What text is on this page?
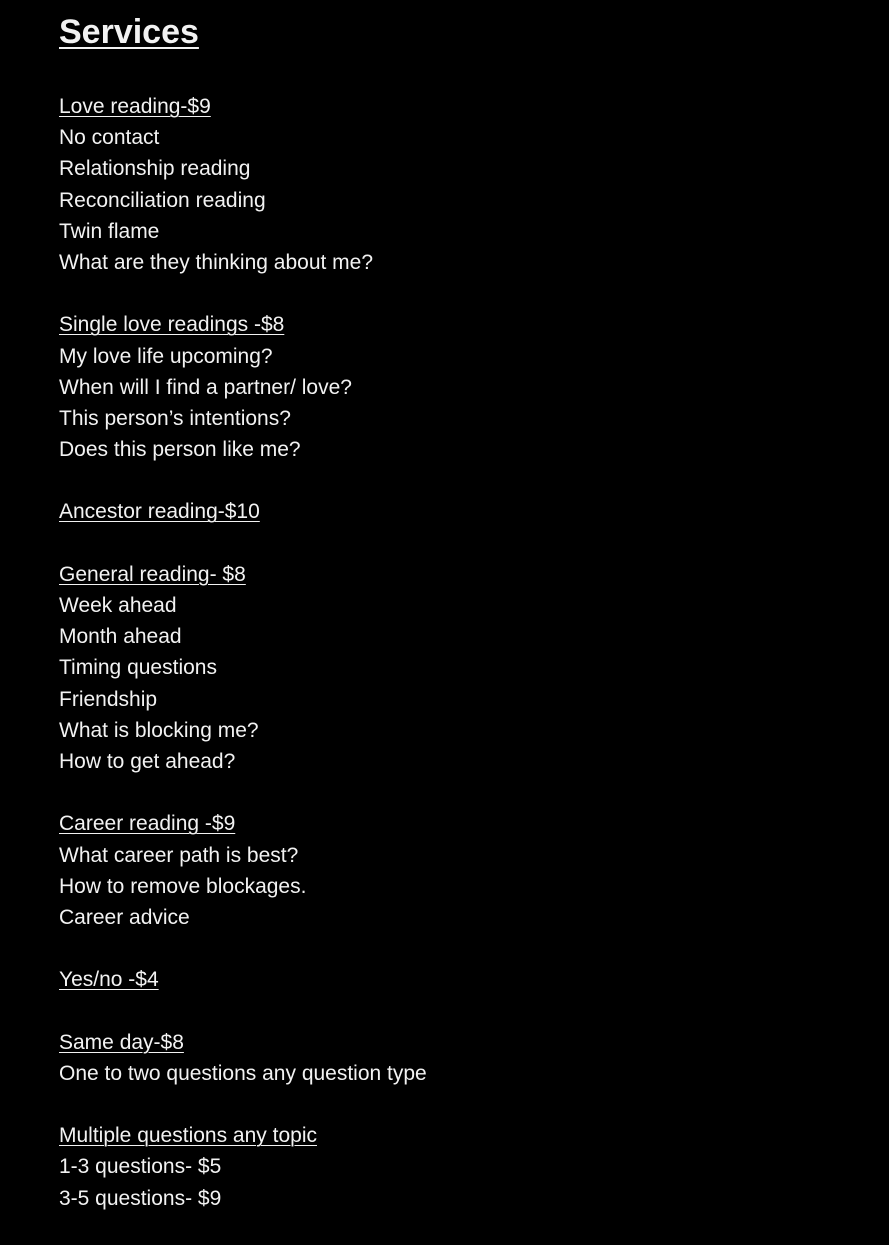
Services
Love reading-$9
No contact
Relationship reading
Reconciliation reading
Twin flame
What are they thinking about me?
Single love readings -$8
My love life upcoming?
When will I find a partner/ love?
This person’s intentions?
Does this person like me?
Ancestor reading-$10
General reading- $8
Week ahead
Month ahead
Timing questions
Friendship
What is blocking me?
How to get ahead?
Career reading -$9
What career path is best?
How to remove blockages.
Career advice
Yes/no -$4
Same day-$8
One to two questions any question type
Multiple questions any topic
1-3 questions- $5
3-5 questions- $9
